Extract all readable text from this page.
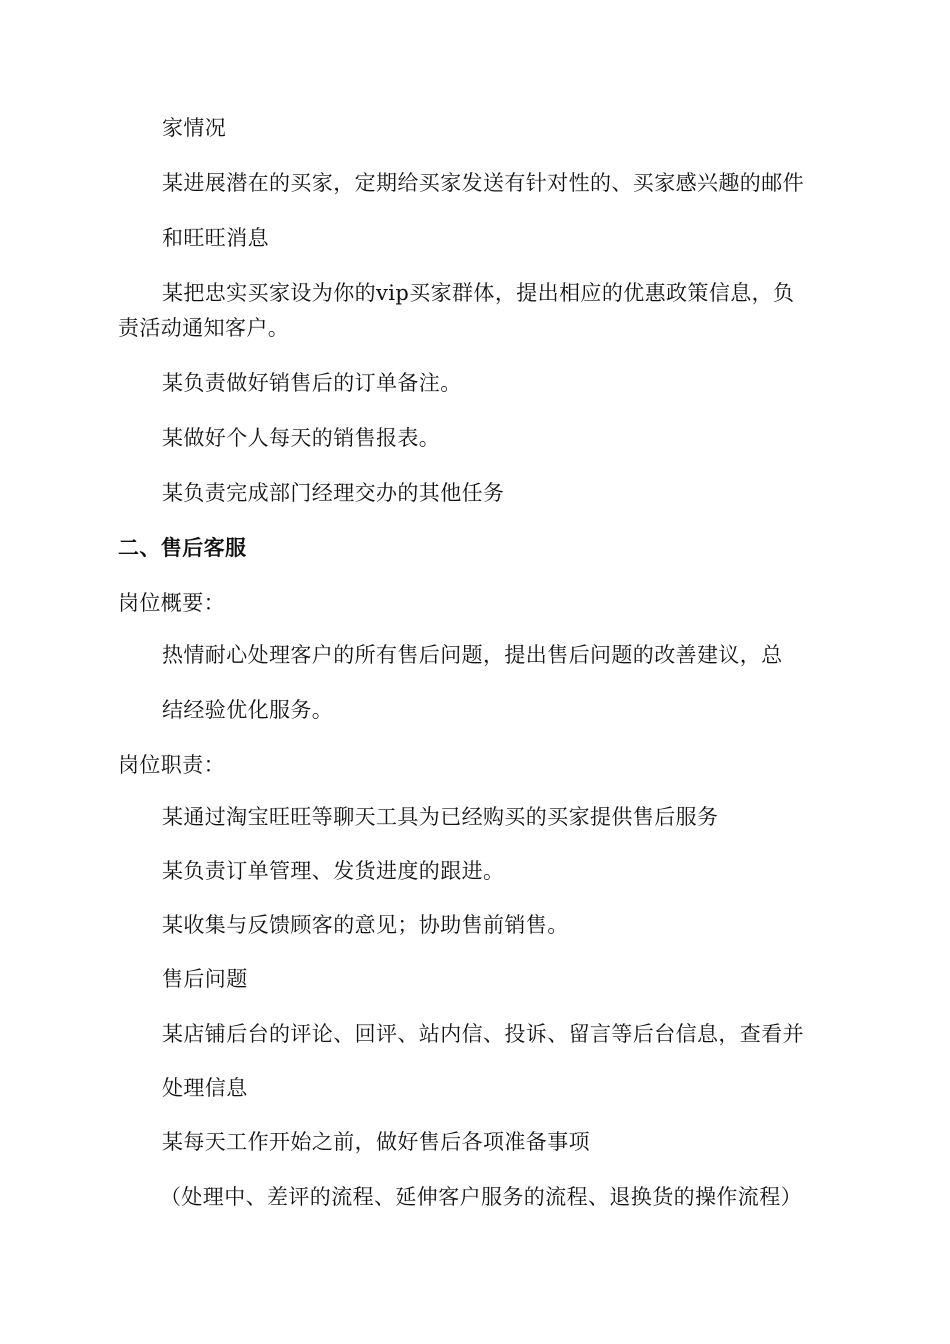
家情况
某进展潜在的买家，定期给买家发送有针对性的、买家感兴趣的邮件
和旺旺消息
某把忠实买家设为你的vip买家群体，提出相应的优惠政策信息，负
责活动通知客户。
某负责做好销售后的订单备注。
某做好个人每天的销售报表。
某负责完成部门经理交办的其他任务
二、售后客服
岗位概要：
热情耐心处理客户的所有售后问题，提出售后问题的改善建议，总
结经验优化服务。
岗位职责：
某通过淘宝旺旺等聊天工具为已经购买的买家提供售后服务
某负责订单管理、发货进度的跟进。
某收集与反馈顾客的意见；协助售前销售。
售后问题
某店铺后台的评论、回评、站内信、投诉、留言等后台信息，查看并
处理信息
某每天工作开始之前，做好售后各项准备事项
（处理中、差评的流程、延伸客户服务的流程、退换货的操作流程）
